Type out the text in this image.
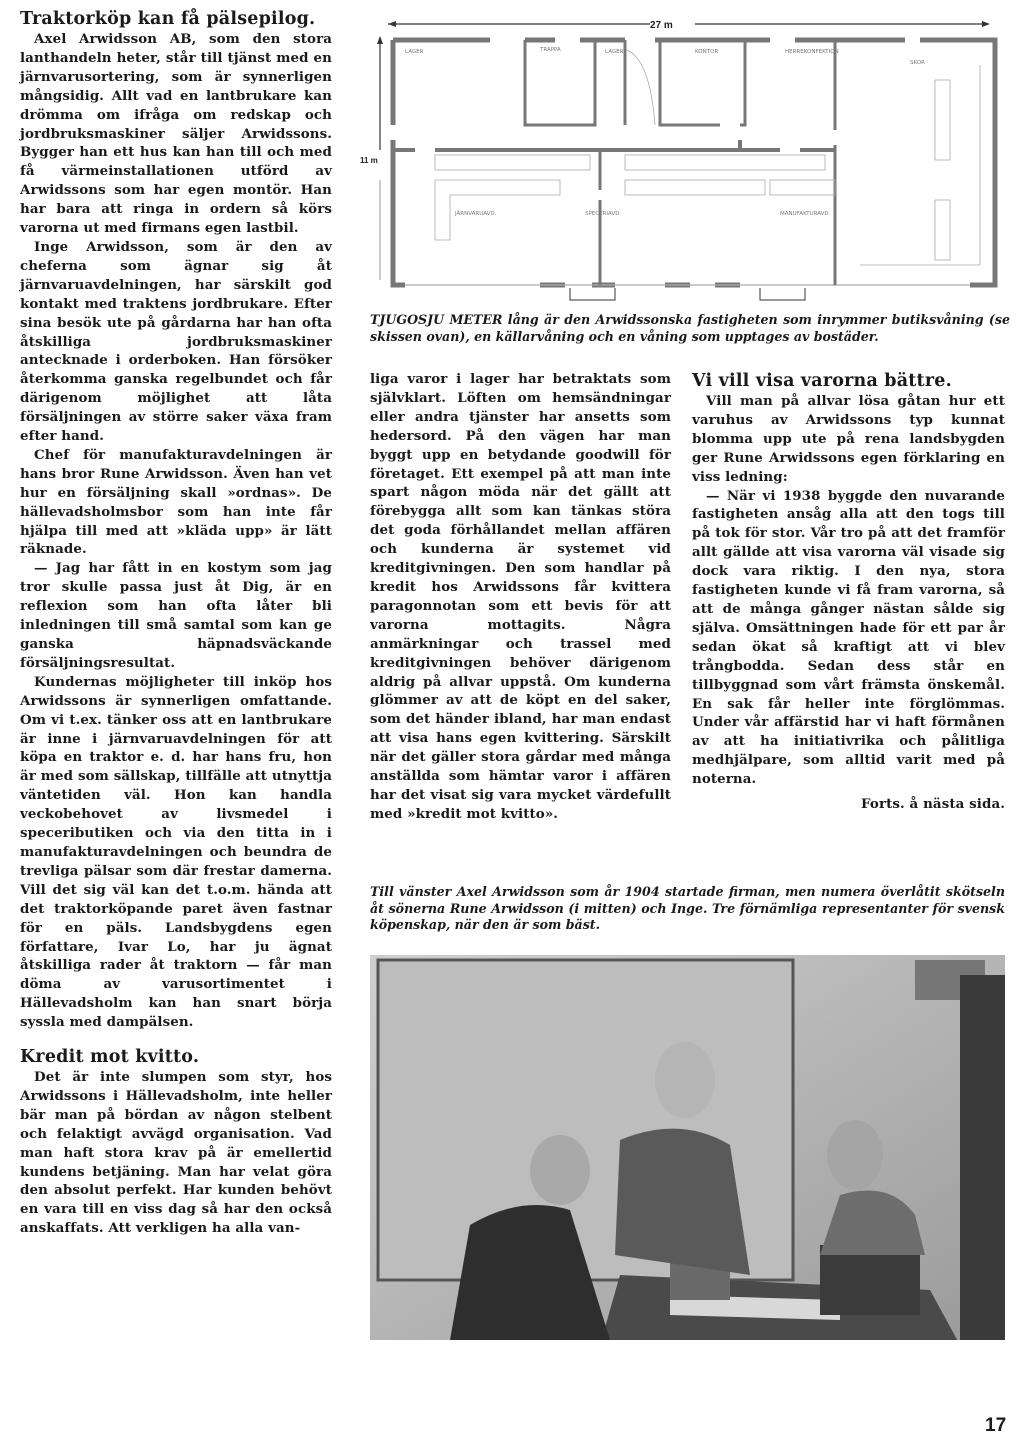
Traktorköp kan få pälsepilog.

Axel Arwidsson AB, som den stora lanthandeln heter, står till tjänst med en järnvarusortering, som är synnerligen mångsidig. Allt vad en lantbrukare kan drömma om ifråga om redskap och jordbruksmaskiner säljer Arwidssons. Bygger han ett hus kan han till och med få värmeinstallationen utförd av Arwidssons som har egen montör. Han har bara att ringa in ordern så körs varorna ut med firmans egen lastbil.

Inge Arwidsson, som är den av cheferna som ägnar sig åt järnvaruavdelningen, har särskilt god kontakt med traktens jordbrukare. Efter sina besök ute på gårdarna har han ofta åtskilliga jordbruksmaskiner antecknade i orderboken. Han försöker återkomma ganska regelbundet och får därigenom möjlighet att låta försäljningen av större saker växa fram efter hand.

Chef för manufakturavdelningen är hans bror Rune Arwidsson. Även han vet hur en försäljning skall »ordnas». De hällevadsholmsbor som han inte får hjälpa till med att »kläda upp» är lätt räknade.

— Jag har fått in en kostym som jag tror skulle passa just åt Dig, är en reflexion som han ofta låter bli inledningen till små samtal som kan ge ganska häpnadsväckande försäljningsresultat.

Kundernas möjligheter till inköp hos Arwidssons är synnerligen omfattande. Om vi t.ex. tänker oss att en lantbrukare är inne i järnvaruavdelningen för att köpa en traktor e. d. har hans fru, hon är med som sällskap, tillfälle att utnyttja väntetiden väl. Hon kan handla veckobehovet av livsmedel i speceributiken och via den titta in i manufakturavdelningen och beundra de trevliga pälsar som där frestar damerna. Vill det sig väl kan det t.o.m. hända att det traktorköpande paret även fastnar för en päls. Landsbygdens egen författare, Ivar Lo, har ju ägnat åtskilliga rader åt traktorn — får man döma av varusortimentet i Hällevadsholm kan han snart börja syssla med dampälsen.

Kredit mot kvitto.

Det är inte slumpen som styr, hos Arwidssons i Hällevadsholm, inte heller bär man på bördan av någon stelbent och felaktigt avvägd organisation. Vad man haft stora krav på är emellertid kundens betjäning. Man har velat göra den absolut perfekt. Har kunden behövt en vara till en viss dag så har den också anskaffats. Att verkligen ha alla van-

27 m
11 m
LAGER	TRAPPA	LAGER	KONTOR	HERREKONFEKTION
SKOR
JÄRNVARUAVD.	SPECERIAVD.	MANUFAKTURAVD.
TJUGOSJU METER lång är den Arwidssonska fastigheten som inrymmer butiksvåning (se skissen ovan), en källarvåning och en våning som upptages av bostäder.

liga varor i lager har betraktats som självklart. Löften om hemsändningar eller andra tjänster har ansetts som hedersord. På den vägen har man byggt upp en betydande goodwill för företaget. Ett exempel på att man inte spart någon möda när det gällt att förebygga allt som kan tänkas störa det goda förhållandet mellan affären och kunderna är systemet vid kreditgivningen. Den som handlar på kredit hos Arwidssons får kvittera paragonnotan som ett bevis för att varorna mottagits. Några anmärkningar och trassel med kreditgivningen behöver därigenom aldrig på allvar uppstå. Om kunderna glömmer av att de köpt en del saker, som det händer ibland, har man endast att visa hans egen kvittering. Särskilt när det gäller stora gårdar med många anställda som hämtar varor i affären har det visat sig vara mycket värdefullt med »kredit mot kvitto».

Vi vill visa varorna bättre.

Vill man på allvar lösa gåtan hur ett varuhus av Arwidssons typ kunnat blomma upp ute på rena landsbygden ger Rune Arwidssons egen förklaring en viss ledning:

— När vi 1938 byggde den nuvarande fastigheten ansåg alla att den togs till på tok för stor. Vår tro på att det framför allt gällde att visa varorna väl visade sig dock vara riktig. I den nya, stora fastigheten kunde vi få fram varorna, så att de många gånger nästan sålde sig själva. Omsättningen hade för ett par år sedan ökat så kraftigt att vi blev trångbodda. Sedan dess står en tillbyggnad som vårt främsta önskemål. En sak får heller inte förglömmas. Under vår affärstid har vi haft förmånen av att ha initiativrika och pålitliga medhjälpare, som alltid varit med på noterna.

Forts. å nästa sida.

Till vänster Axel Arwidsson som år 1904 startade firman, men numera överlåtit skötseln åt sönerna Rune Arwidsson (i mitten) och Inge. Tre förnämliga representanter för svensk köpenskap, när den är som bäst.
17
